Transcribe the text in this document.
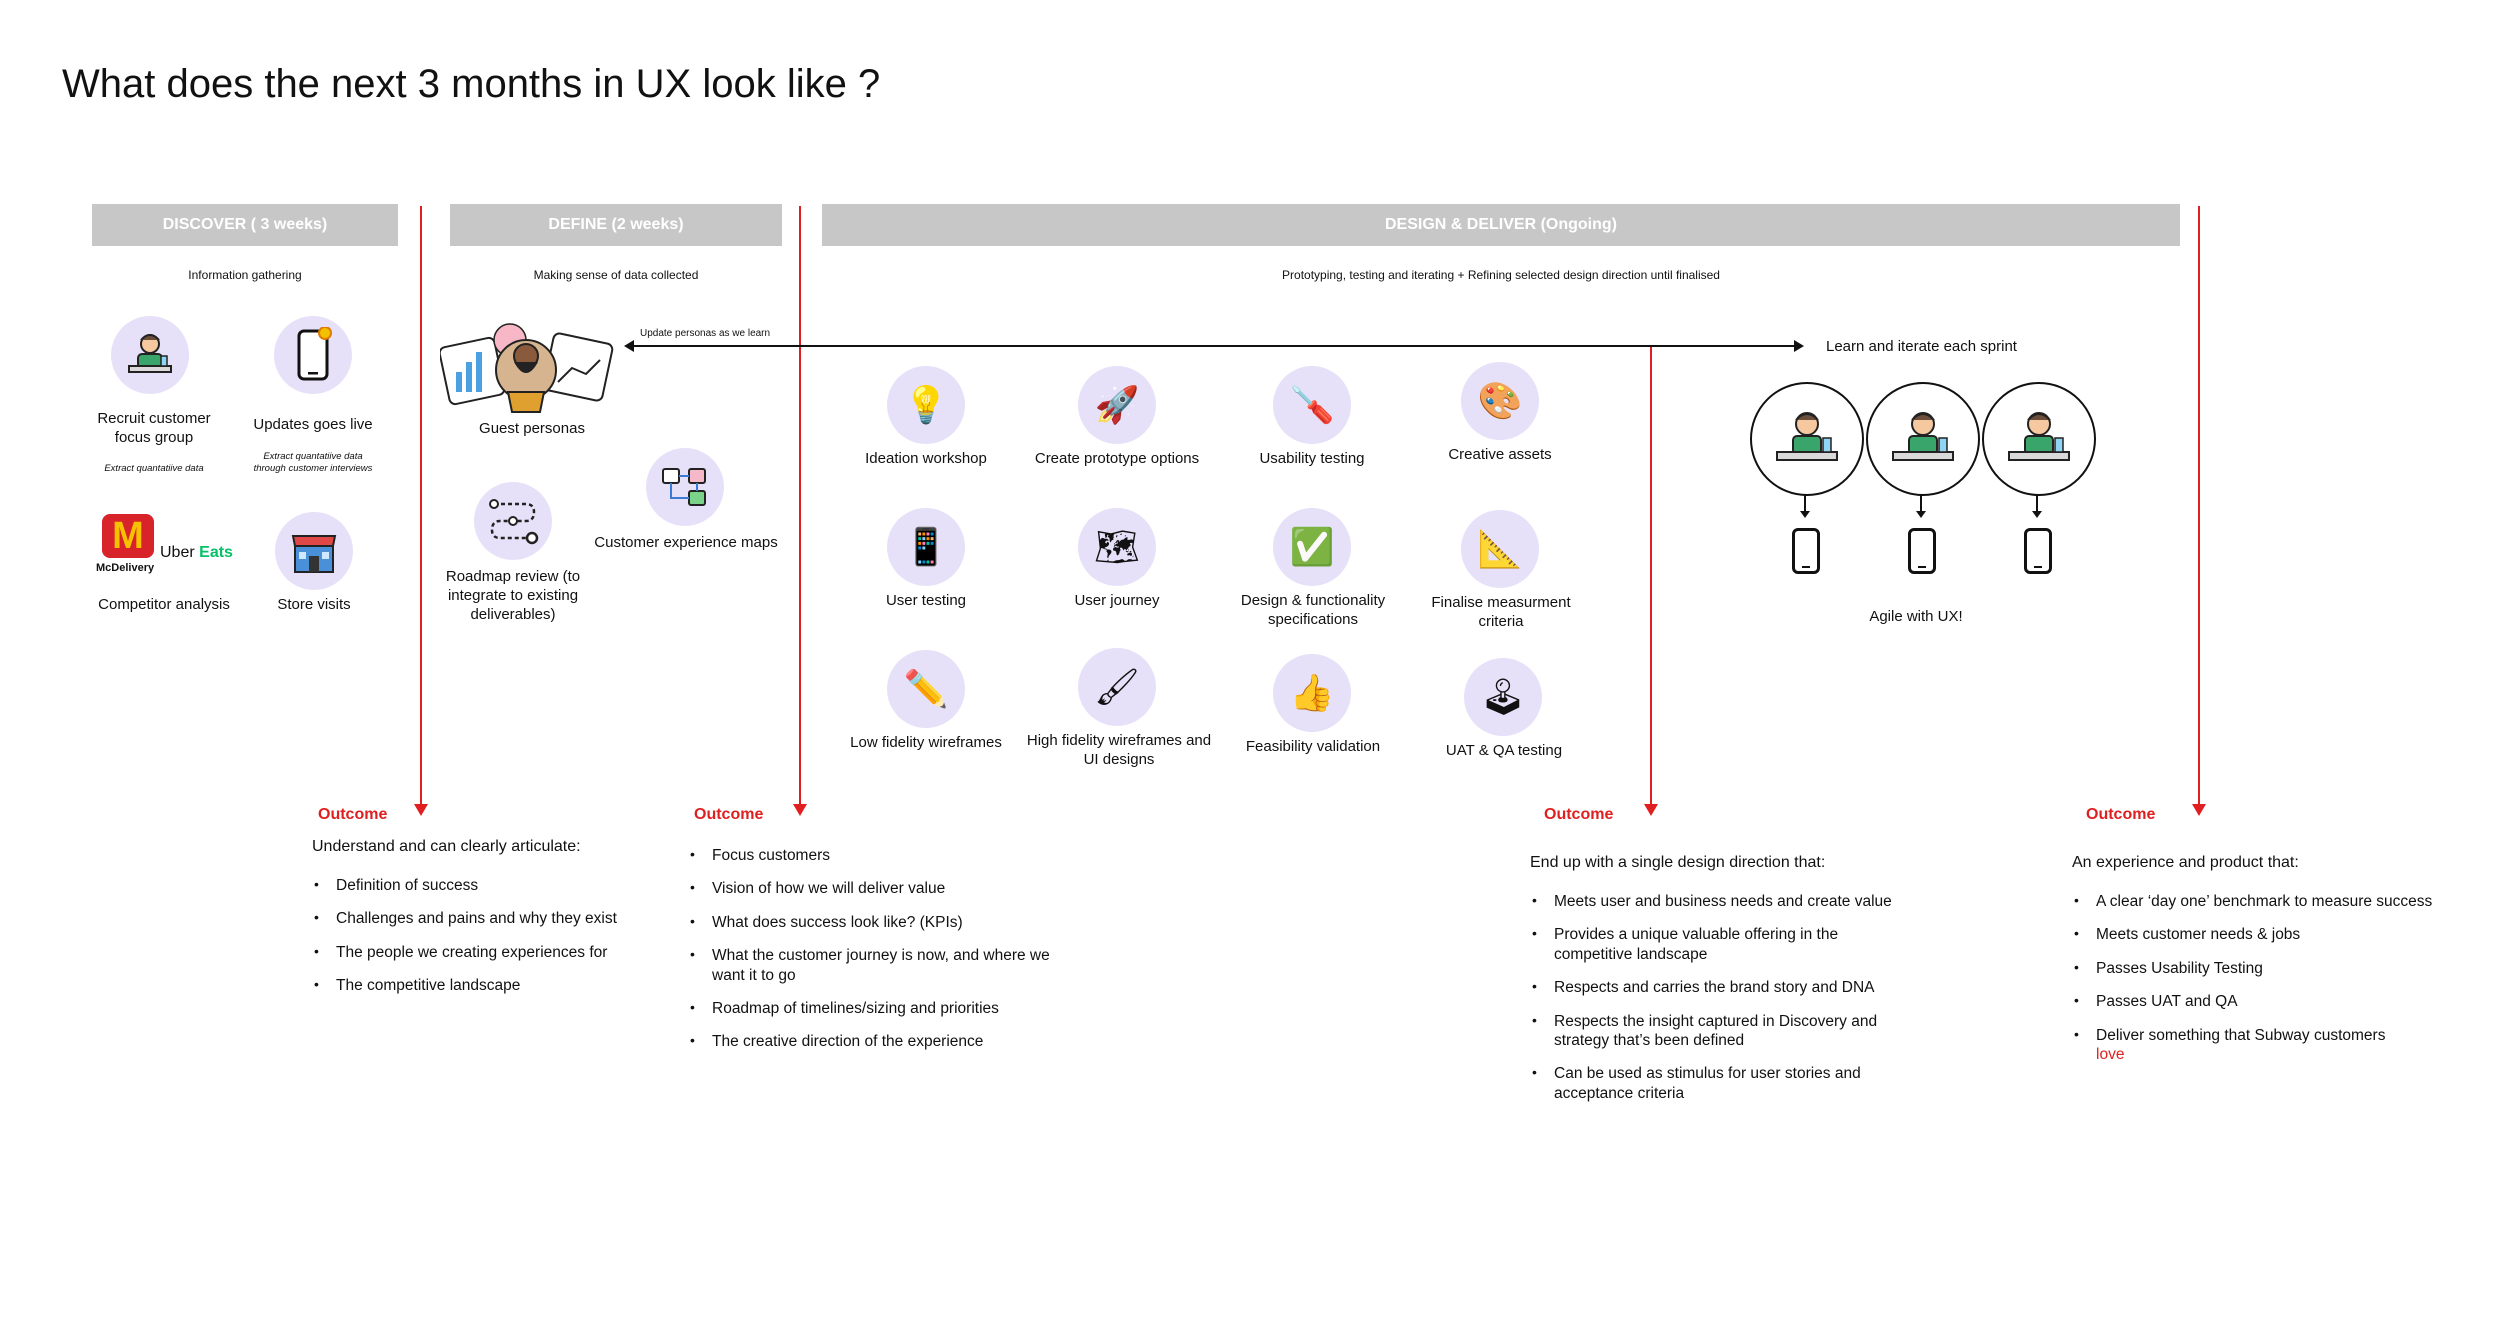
What does the next 3 months in UX look like ?
DISCOVER ( 3 weeks)	DEFINE (2 weeks)	DESIGN & DELIVER (Ongoing)
Information gathering	Making sense of data collected	Prototyping, testing and iterating + Refining selected design direction until finalised
Recruit customer focus group
Extract quantatiive data
Updates goes live
Extract quantatiive data through customer interviews
M
McDelivery
Uber Eats
Competitor analysis	Store visits
Update personas as we learn
Guest personas
Customer experience maps
Roadmap review (to integrate to existing deliverables)
💡
Ideation workshop
🚀
Create prototype options
🪛
Usability testing
🎨
Creative assets
📱
User testing
🗺
User journey
✅
Design & functionality specifications
📐
Finalise measurment criteria
✏️
Low fidelity wireframes
🖌
High fidelity wireframes and UI designs
👍
Feasibility validation
🕹
UAT & QA testing
Learn and iterate each sprint
Agile with UX!
Outcome
Understand and can clearly articulate:
• Definition of success
• Challenges and pains and why they exist
• The people we creating experiences for
• The competitive landscape
Outcome
• Focus customers
• Vision of how we will deliver value
• What does success look like? (KPIs)
• What the customer journey is now, and where we want it to go
• Roadmap of timelines/sizing and priorities
• The creative direction of the experience
Outcome
End up with a single design direction that:
• Meets user and business needs and create value
• Provides a unique valuable offering in the competitive landscape
• Respects and carries the brand story and DNA
• Respects the insight captured in Discovery and strategy that’s been defined
• Can be used as stimulus for user stories and acceptance criteria
Outcome
An experience and product that:
• A clear ‘day one’ benchmark to measure success
• Meets customer needs & jobs
• Passes Usability Testing
• Passes UAT and QA
• Deliver something that Subway customers
love
